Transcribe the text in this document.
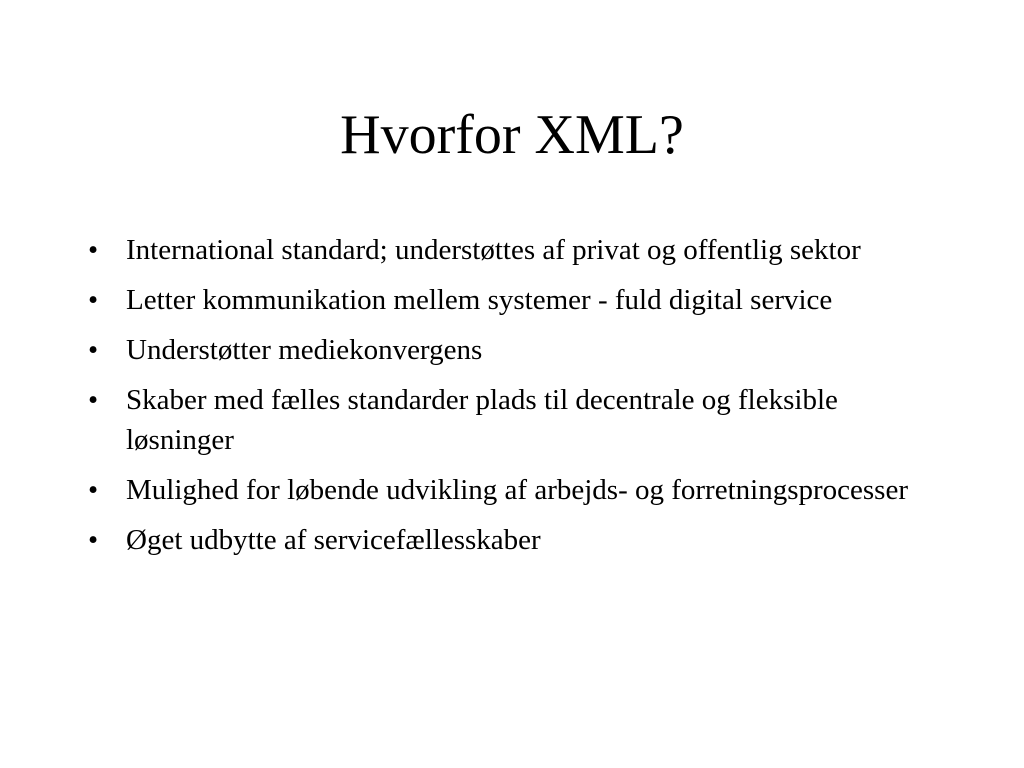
Hvorfor XML?
• International standard; understøttes af privat og offentlig sektor
• Letter kommunikation mellem systemer - fuld digital service
• Understøtter mediekonvergens
• Skaber med fælles standarder plads til decentrale og fleksible løsninger
• Mulighed for løbende udvikling af arbejds- og forretningsprocesser
• Øget udbytte af servicefællesskaber
